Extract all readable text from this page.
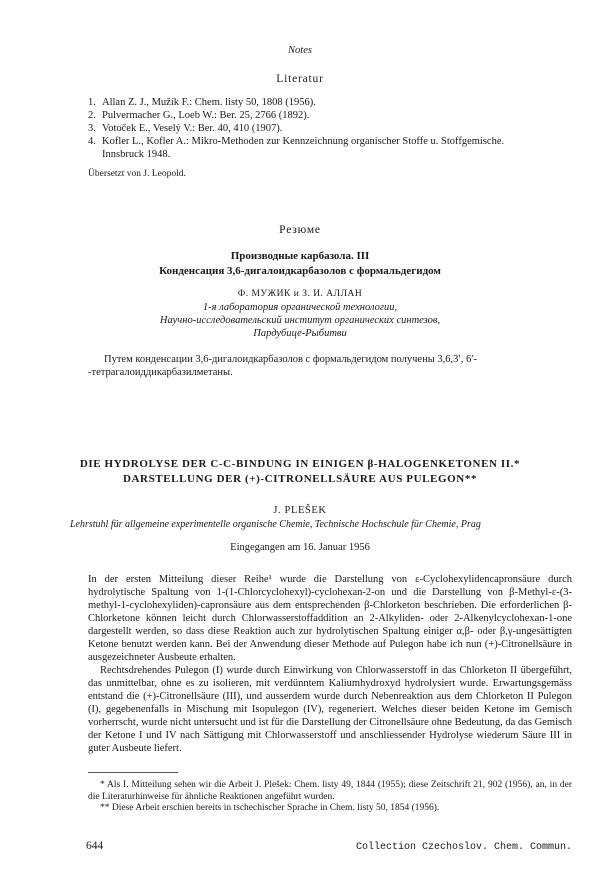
Notes
Literatur
1. Allan Z. J., Mužík F.: Chem. listy 50, 1808 (1956).
2. Pulvermacher G., Loeb W.: Ber. 25, 2766 (1892).
3. Votoček E., Veselý V.: Ber. 40, 410 (1907).
4. Kofler L., Kofler A.: Mikro-Methoden zur Kennzeichnung organischer Stoffe u. Stoffgemische.
Innsbruck 1948.
Übersetzt von J. Leopold.
Резюме
Производные карбазола. III
Конденсация 3,6-дигалоидкарбазолов с формальдегидом
Ф. МУЖИК и З. И. АЛЛАН
1-я лаборатория органической технологии,
Научно-исследовательский институт органических синтезов,
Пардубице-Рыбитви
Путем конденсации 3,6-дигалоидкарбазолов с формальдегидом получены 3,6,3′, 6′-
-тетрагалоиддикарбазилметаны.
DIE HYDROLYSE DER C-C-BINDUNG IN EINIGEN β-HALOGENKETONEN II.*
DARSTELLUNG DER (+)-CITRONELLSÄURE AUS PULEGON**
J. PLEŠEK
Lehrstuhl für allgemeine experimentelle organische Chemie, Technische Hochschule für Chemie, Prag
Eingegangen am 16. Januar 1956

In der ersten Mitteilung dieser Reihe¹ wurde die Darstellung von ε-Cyclohexylidencapronsäure durch hydrolytische Spaltung von 1-(1-Chlorcyclohexyl)-cyclohexan-2-on und die Darstellung von β-Methyl-ε-(3-methyl-1-cyclohexyliden)-capronsäure aus dem entsprechenden β-Chlorketon beschrieben. Die erforderlichen β-Chlorketone können leicht durch Chlorwasserstoffaddition an 2-Alkyliden- oder 2-Alkenylcyclohexan-1-one dargestellt werden, so dass diese Reaktion auch zur hydrolytischen Spaltung einiger α,β- oder β,γ-ungesättigten Ketone benutzt werden kann. Bei der Anwendung dieser Methode auf Pulegon habe ich nun (+)-Citronellsäure in ausgezeichneter Ausbeute erhalten.

Rechtsdrehendes Pulegon (I) wurde durch Einwirkung von Chlorwasserstoff in das Chlorketon II übergeführt, das unmittelbar, ohne es zu isolieren, mit verdünntem Kaliumhydroxyd hydrolysiert wurde. Erwartungsgemäss entstand die (+)-Citronellsäure (III), und ausserdem wurde durch Nebenreaktion aus dem Chlorketon II Pulegon (I), gegebenenfalls in Mischung mit Isopulegon (IV), regeneriert. Welches dieser beiden Ketone im Gemisch vorherrscht, wurde nicht untersucht und ist für die Darstellung der Citronellsäure ohne Bedeutung, da das Gemisch der Ketone I und IV nach Sättigung mit Chlorwasserstoff und anschliessender Hydrolyse wiederum Säure III in guter Ausbeute liefert.

* Als I. Mitteilung sehen wir die Arbeit J. Plešek: Chem. listy 49, 1844 (1955); diese Zeitschrift 21, 902 (1956), an, in der die Literaturhinweise für ähnliche Reaktionen angeführt wurden.
** Diese Arbeit erschien bereits in tschechischer Sprache in Chem. listy 50, 1854 (1956).
644	Collection Czechoslov. Chem. Commun.
